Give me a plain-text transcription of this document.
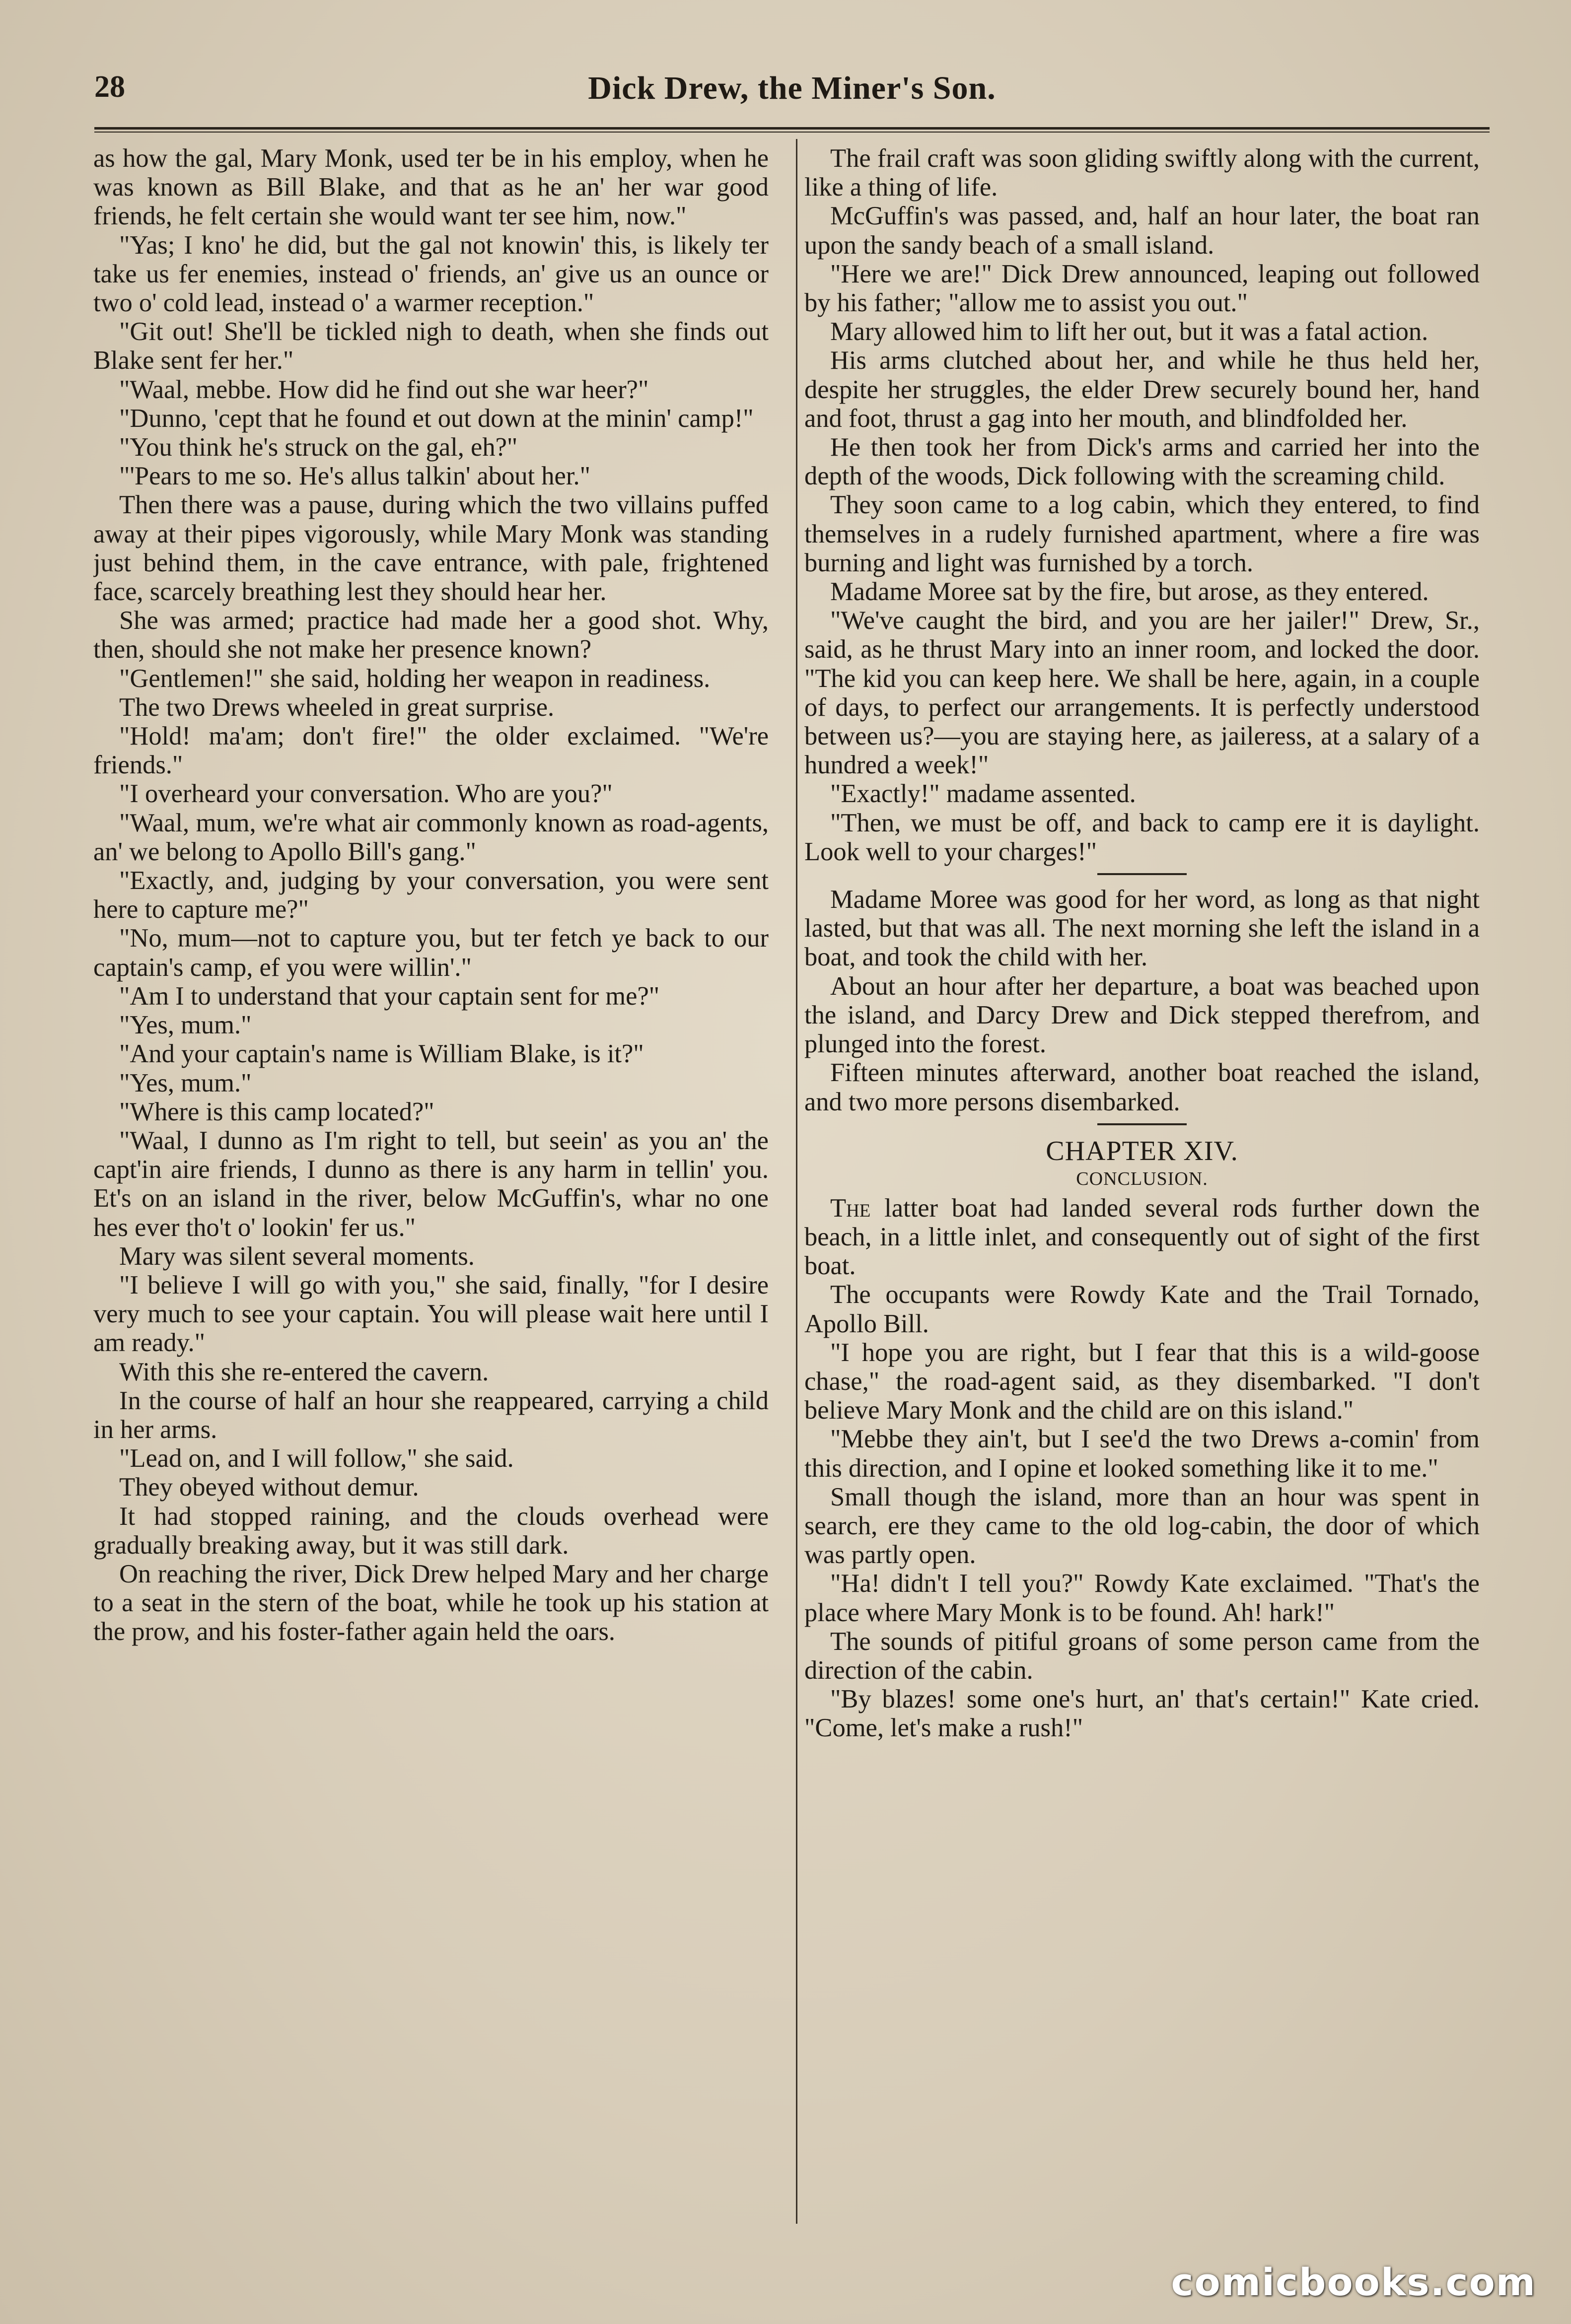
28	Dick Drew, the Miner's Son.

as how the gal, Mary Monk, used ter be in his employ, when he was known as Bill Blake, and that as he an' her war good friends, he felt certain she would want ter see him, now."

"Yas; I kno' he did, but the gal not knowin' this, is likely ter take us fer enemies, instead o' friends, an' give us an ounce or two o' cold lead, instead o' a warmer reception."

"Git out! She'll be tickled nigh to death, when she finds out Blake sent fer her."

"Waal, mebbe. How did he find out she war heer?"

"Dunno, 'cept that he found et out down at the minin' camp!"

"You think he's struck on the gal, eh?"

"'Pears to me so. He's allus talkin' about her."

Then there was a pause, during which the two villains puffed away at their pipes vigorously, while Mary Monk was standing just behind them, in the cave entrance, with pale, frightened face, scarcely breathing lest they should hear her.

She was armed; practice had made her a good shot. Why, then, should she not make her presence known?

"Gentlemen!" she said, holding her weapon in readiness.

The two Drews wheeled in great surprise.

"Hold! ma'am; don't fire!" the older exclaimed. "We're friends."

"I overheard your conversation. Who are you?"

"Waal, mum, we're what air commonly known as road-agents, an' we belong to Apollo Bill's gang."

"Exactly, and, judging by your conversation, you were sent here to capture me?"

"No, mum—not to capture you, but ter fetch ye back to our captain's camp, ef you were willin'."

"Am I to understand that your captain sent for me?"

"Yes, mum."

"And your captain's name is William Blake, is it?"

"Yes, mum."

"Where is this camp located?"

"Waal, I dunno as I'm right to tell, but seein' as you an' the capt'in aire friends, I dunno as there is any harm in tellin' you. Et's on an island in the river, below McGuffin's, whar no one hes ever tho't o' lookin' fer us."

Mary was silent several moments.

"I believe I will go with you," she said, finally, "for I desire very much to see your captain. You will please wait here until I am ready."

With this she re-entered the cavern.

In the course of half an hour she reappeared, carrying a child in her arms.

"Lead on, and I will follow," she said.

They obeyed without demur.

It had stopped raining, and the clouds overhead were gradually breaking away, but it was still dark.

On reaching the river, Dick Drew helped Mary and her charge to a seat in the stern of the boat, while he took up his station at the prow, and his foster-father again held the oars.

The frail craft was soon gliding swiftly along with the current, like a thing of life.

McGuffin's was passed, and, half an hour later, the boat ran upon the sandy beach of a small island.

"Here we are!" Dick Drew announced, leaping out followed by his father; "allow me to assist you out."

Mary allowed him to lift her out, but it was a fatal action.

His arms clutched about her, and while he thus held her, despite her struggles, the elder Drew securely bound her, hand and foot, thrust a gag into her mouth, and blindfolded her.

He then took her from Dick's arms and carried her into the depth of the woods, Dick following with the screaming child.

They soon came to a log cabin, which they entered, to find themselves in a rudely furnished apartment, where a fire was burning and light was furnished by a torch.

Madame Moree sat by the fire, but arose, as they entered.

"We've caught the bird, and you are her jailer!" Drew, Sr., said, as he thrust Mary into an inner room, and locked the door. "The kid you can keep here. We shall be here, again, in a couple of days, to perfect our arrangements. It is perfectly understood between us?—you are staying here, as jaileress, at a salary of a hundred a week!"

"Exactly!" madame assented.

"Then, we must be off, and back to camp ere it is daylight. Look well to your charges!"

Madame Moree was good for her word, as long as that night lasted, but that was all. The next morning she left the island in a boat, and took the child with her.

About an hour after her departure, a boat was beached upon the island, and Darcy Drew and Dick stepped therefrom, and plunged into the forest.

Fifteen minutes afterward, another boat reached the island, and two more persons disembarked.

CHAPTER XIV.
CONCLUSION.

The latter boat had landed several rods further down the beach, in a little inlet, and consequently out of sight of the first boat.

The occupants were Rowdy Kate and the Trail Tornado, Apollo Bill.

"I hope you are right, but I fear that this is a wild-goose chase," the road-agent said, as they disembarked. "I don't believe Mary Monk and the child are on this island."

"Mebbe they ain't, but I see'd the two Drews a-comin' from this direction, and I opine et looked something like it to me."

Small though the island, more than an hour was spent in search, ere they came to the old log-cabin, the door of which was partly open.

"Ha! didn't I tell you?" Rowdy Kate exclaimed. "That's the place where Mary Monk is to be found. Ah! hark!"

The sounds of pitiful groans of some person came from the direction of the cabin.

"By blazes! some one's hurt, an' that's certain!" Kate cried. "Come, let's make a rush!"

comicbooks.com
